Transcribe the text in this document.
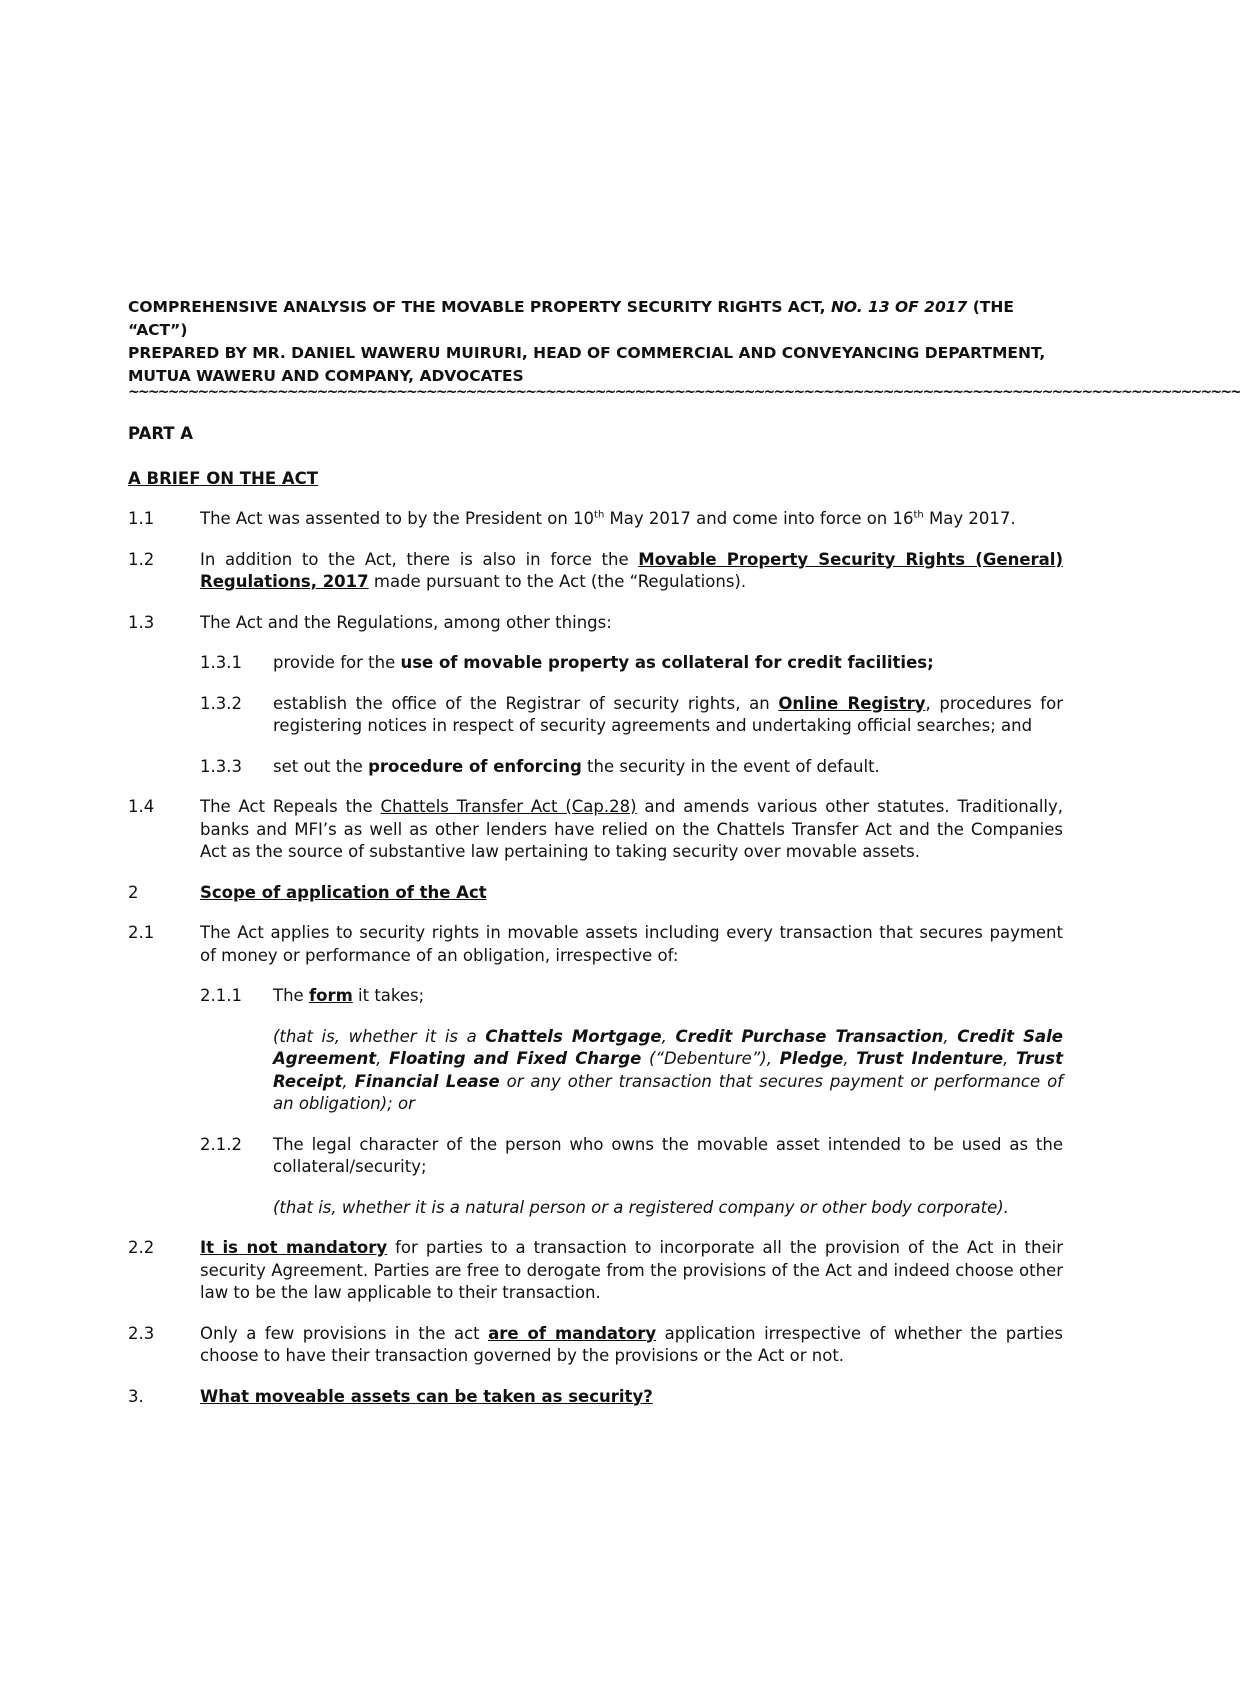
COMPREHENSIVE ANALYSIS OF THE MOVABLE PROPERTY SECURITY RIGHTS ACT, NO. 13 OF 2017 (THE “ACT”)
PREPARED BY MR. DANIEL WAWERU MUIRURI, HEAD OF COMMERCIAL AND CONVEYANCING DEPARTMENT,
MUTUA WAWERU AND COMPANY, ADVOCATES
~~~~~~~~~~~~~~~~~~~~~~~~~~~~~~~~~~~~~~~~~~~~~~~~~~~~~~~~~~~~~~~~~~~~~~~~~~~~~~~~~~~~~~~~~~~~~~~~~~~~~~~~~~~~~~~~
PART A
A BRIEF ON THE ACT
1.1	The Act was assented to by the President on 10th May 2017 and come into force on 16th May 2017.
1.2	In addition to the Act, there is also in force the Movable Property Security Rights (General) Regulations, 2017 made pursuant to the Act (the “Regulations).
1.3	The Act and the Regulations, among other things:
1.3.1	provide for the use of movable property as collateral for credit facilities;
1.3.2	establish the office of the Registrar of security rights, an Online Registry, procedures for registering notices in respect of security agreements and undertaking official searches; and
1.3.3	set out the procedure of enforcing the security in the event of default.
1.4	The Act Repeals the Chattels Transfer Act (Cap.28) and amends various other statutes. Traditionally, banks and MFI’s as well as other lenders have relied on the Chattels Transfer Act and the Companies Act as the source of substantive law pertaining to taking security over movable assets.
2	Scope of application of the Act
2.1	The Act applies to security rights in movable assets including every transaction that secures payment of money or performance of an obligation, irrespective of:
2.1.1	The form it takes;
(that is, whether it is a Chattels Mortgage, Credit Purchase Transaction, Credit Sale Agreement, Floating and Fixed Charge (“Debenture”), Pledge, Trust Indenture, Trust Receipt, Financial Lease or any other transaction that secures payment or performance of an obligation); or
2.1.2	The legal character of the person who owns the movable asset intended to be used as the collateral/security;
(that is, whether it is a natural person or a registered company or other body corporate).
2.2	It is not mandatory for parties to a transaction to incorporate all the provision of the Act in their security Agreement. Parties are free to derogate from the provisions of the Act and indeed choose other law to be the law applicable to their transaction.
2.3	Only a few provisions in the act are of mandatory application irrespective of whether the parties choose to have their transaction governed by the provisions or the Act or not.
3.	What moveable assets can be taken as security?
